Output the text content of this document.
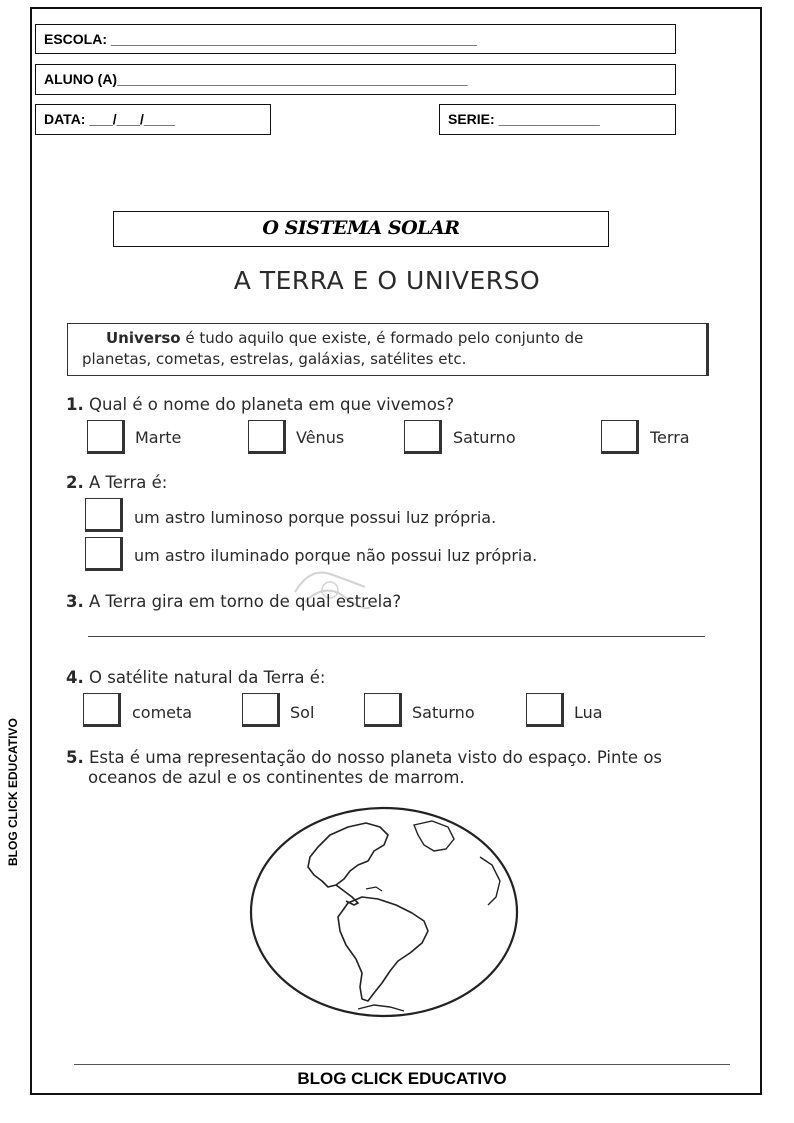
ESCOLA: _______________________________________________
ALUNO (A)_____________________________________________
DATA: ___/___/____	SERIE: _____________
BLOG CLICK EDUCATIVO
O SISTEMA SOLAR
A TERRA E O UNIVERSO
Universo é tudo aquilo que existe, é formado pelo conjunto de
planetas, cometas, estrelas, galáxias, satélites etc.
1. Qual é o nome do planeta em que vivemos?
Marte	Vênus	Saturno	Terra
2. A Terra é:
um astro luminoso porque possui luz própria.
um astro iluminado porque não possui luz própria.
3. A Terra gira em torno de qual estrela?
4. O satélite natural da Terra é:
cometa	Sol	Saturno	Lua
5. Esta é uma representação do nosso planeta visto do espaço. Pinte os
oceanos de azul e os continentes de marrom.
BLOG CLICK EDUCATIVO
